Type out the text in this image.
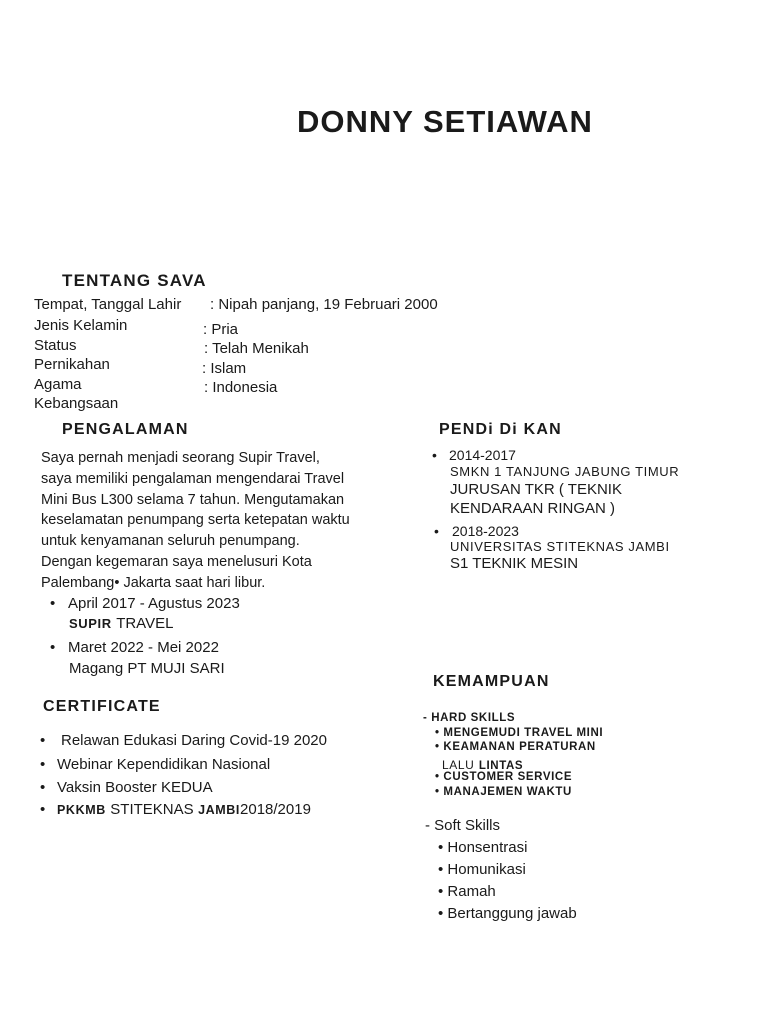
DONNY SETIAWAN
TENTANG SAVA
Tempat, Tanggal Lahir : Nipah panjang, 19 Februari 2000
Jenis Kelamin
Status
Pernikahan
Agama
Kebangsaan
: Pria
: Telah Menikah
: Islam
: Indonesia
PENGALAMAN

Saya pernah menjadi seorang Supir Travel,

saya memiliki pengalaman mengendarai Travel

Mini Bus L300 selama 7 tahun. Mengutamakan

keselamatan penumpang serta ketepatan waktu

untuk kenyamanan seluruh penumpang.

Dengan kegemaran saya menelusuri Kota

Palembang• Jakarta saat hari libur.

• April 2017 - Agustus 2023
SUPIR TRAVEL
• Maret 2022 - Mei 2022
Magang PT MUJI SARI
CERTIFICATE
• Relawan Edukasi Daring Covid-19 2020
• Webinar Kependidikan Nasional
• Vaksin Booster KEDUA
• PKKMB STITEKNAS JAMBI2018/2019
PENDi Di KAN
• 2014-2017
SMKN 1 TANJUNG JABUNG TIMUR
JURUSAN TKR ( TEKNIK
KENDARAAN RINGAN )
• 2018-2023
UNIVERSITAS STITEKNAS JAMBI
S1 TEKNIK MESIN
KEMAMPUAN
- HARD SKILLS
• MENGEMUDI TRAVEL MINI
• KEAMANAN PERATURAN
LALU LINTAS
• CUSTOMER SERVICE
• MANAJEMEN WAKTU
- Soft Skills
• Honsentrasi
• Homunikasi
• Ramah
• Bertanggung jawab
